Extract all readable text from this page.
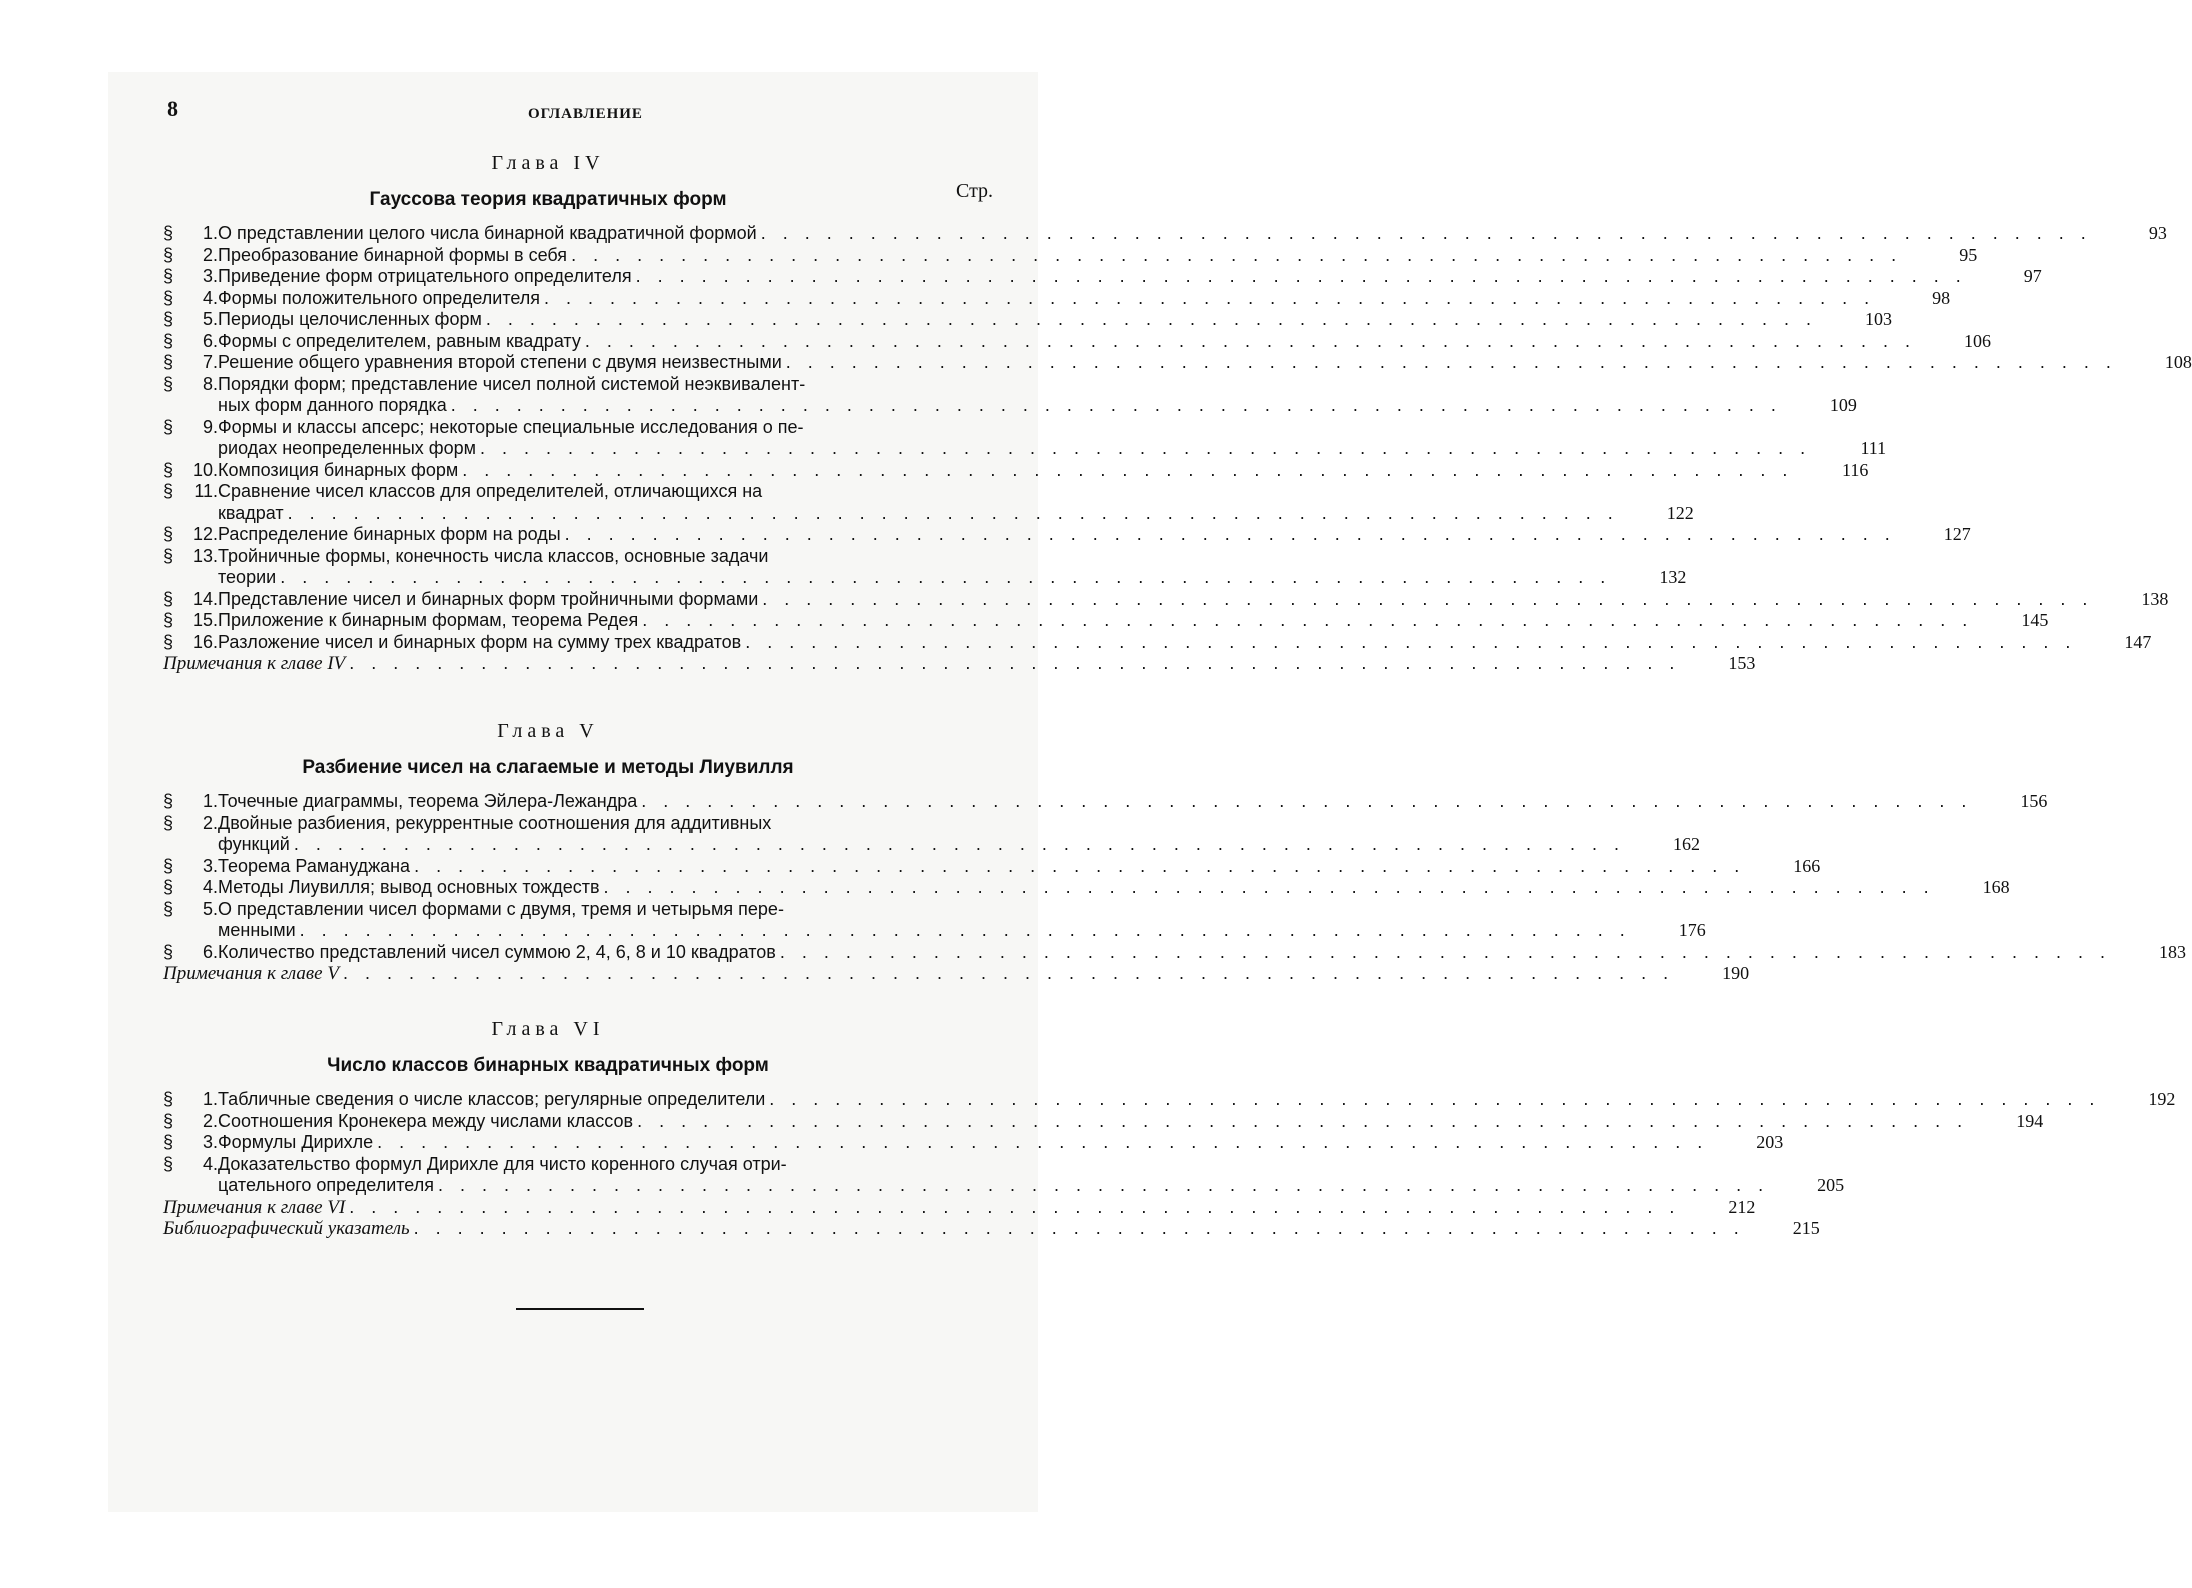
8	ОГЛАВЛЕНИЕ
Стр.
Глава IV
Гауссова теория квадратичных форм
§	1. О представлении целого числа бинарной квадратичной формой . . . . . . . . . . . . . . . . . . . . . . . . . . . . . . . . . . . . . . . . . . . . . . . . . . . . . . . . . . . . .	93
§	2. Преобразование бинарной формы в себя . . . . . . . . . . . . . . . . . . . . . . . . . . . . . . . . . . . . . . . . . . . . . . . . . . . . . . . . . . . . .	95
§	3. Приведение форм отрицательного определителя . . . . . . . . . . . . . . . . . . . . . . . . . . . . . . . . . . . . . . . . . . . . . . . . . . . . . . . . . . . . .	97
§	4. Формы положительного определителя . . . . . . . . . . . . . . . . . . . . . . . . . . . . . . . . . . . . . . . . . . . . . . . . . . . . . . . . . . . . .	98
§	5. Периоды целочисленных форм . . . . . . . . . . . . . . . . . . . . . . . . . . . . . . . . . . . . . . . . . . . . . . . . . . . . . . . . . . . . .	103
§	6. Формы с определителем, равным квадрату . . . . . . . . . . . . . . . . . . . . . . . . . . . . . . . . . . . . . . . . . . . . . . . . . . . . . . . . . . . . .	106
§	7. Решение общего уравнения второй степени с двумя неизвестными . . . . . . . . . . . . . . . . . . . . . . . . . . . . . . . . . . . . . . . . . . . . . . . . . . . . . . . . . . . . .	108
§	8. Порядки форм; представление чисел полной системой неэквивалент-
ных форм данного порядка . . . . . . . . . . . . . . . . . . . . . . . . . . . . . . . . . . . . . . . . . . . . . . . . . . . . . . . . . . . . .	109
§	9. Формы и классы апсерс; некоторые специальные исследования о пе-
риодах неопределенных форм . . . . . . . . . . . . . . . . . . . . . . . . . . . . . . . . . . . . . . . . . . . . . . . . . . . . . . . . . . . . .	111
§	10. Композиция бинарных форм . . . . . . . . . . . . . . . . . . . . . . . . . . . . . . . . . . . . . . . . . . . . . . . . . . . . . . . . . . . . .	116
§	11. Сравнение чисел классов для определителей, отличающихся на
квадрат . . . . . . . . . . . . . . . . . . . . . . . . . . . . . . . . . . . . . . . . . . . . . . . . . . . . . . . . . . . . .	122
§	12. Распределение бинарных форм на роды . . . . . . . . . . . . . . . . . . . . . . . . . . . . . . . . . . . . . . . . . . . . . . . . . . . . . . . . . . . . .	127
§	13. Тройничные формы, конечность числа классов, основные задачи
теории . . . . . . . . . . . . . . . . . . . . . . . . . . . . . . . . . . . . . . . . . . . . . . . . . . . . . . . . . . . . .	132
§	14. Представление чисел и бинарных форм тройничными формами . . . . . . . . . . . . . . . . . . . . . . . . . . . . . . . . . . . . . . . . . . . . . . . . . . . . . . . . . . . . .	138
§	15. Приложение к бинарным формам, теорема Редея . . . . . . . . . . . . . . . . . . . . . . . . . . . . . . . . . . . . . . . . . . . . . . . . . . . . . . . . . . . . .	145
§	16. Разложение чисел и бинарных форм на сумму трех квадратов . . . . . . . . . . . . . . . . . . . . . . . . . . . . . . . . . . . . . . . . . . . . . . . . . . . . . . . . . . . . .	147
Примечания к главе IV . . . . . . . . . . . . . . . . . . . . . . . . . . . . . . . . . . . . . . . . . . . . . . . . . . . . . . . . . . . . .	153
Глава V
Разбиение чисел на слагаемые и методы Лиувилля
§	1. Точечные диаграммы, теорема Эйлера-Лежандра . . . . . . . . . . . . . . . . . . . . . . . . . . . . . . . . . . . . . . . . . . . . . . . . . . . . . . . . . . . . .	156
§	2. Двойные разбиения, рекуррентные соотношения для аддитивных
функций . . . . . . . . . . . . . . . . . . . . . . . . . . . . . . . . . . . . . . . . . . . . . . . . . . . . . . . . . . . . .	162
§	3. Теорема Рамануджана . . . . . . . . . . . . . . . . . . . . . . . . . . . . . . . . . . . . . . . . . . . . . . . . . . . . . . . . . . . . .	166
§	4. Методы Лиувилля; вывод основных тождеств . . . . . . . . . . . . . . . . . . . . . . . . . . . . . . . . . . . . . . . . . . . . . . . . . . . . . . . . . . . . .	168
§	5. О представлении чисел формами с двумя, тремя и четырьмя пере-
менными . . . . . . . . . . . . . . . . . . . . . . . . . . . . . . . . . . . . . . . . . . . . . . . . . . . . . . . . . . . . .	176
§	6. Количество представлений чисел суммою 2, 4, 6, 8 и 10 квадратов . . . . . . . . . . . . . . . . . . . . . . . . . . . . . . . . . . . . . . . . . . . . . . . . . . . . . . . . . . . . .	183
Примечания к главе V . . . . . . . . . . . . . . . . . . . . . . . . . . . . . . . . . . . . . . . . . . . . . . . . . . . . . . . . . . . . .	190
Глава VI
Число классов бинарных квадратичных форм
§	1. Табличные сведения о числе классов; регулярные определители . . . . . . . . . . . . . . . . . . . . . . . . . . . . . . . . . . . . . . . . . . . . . . . . . . . . . . . . . . . . .	192
§	2. Соотношения Кронекера между числами классов . . . . . . . . . . . . . . . . . . . . . . . . . . . . . . . . . . . . . . . . . . . . . . . . . . . . . . . . . . . . .	194
§	3. Формулы Дирихле . . . . . . . . . . . . . . . . . . . . . . . . . . . . . . . . . . . . . . . . . . . . . . . . . . . . . . . . . . . . .	203
§	4. Доказательство формул Дирихле для чисто коренного случая отри-
цательного определителя . . . . . . . . . . . . . . . . . . . . . . . . . . . . . . . . . . . . . . . . . . . . . . . . . . . . . . . . . . . . .	205
Примечания к главе VI . . . . . . . . . . . . . . . . . . . . . . . . . . . . . . . . . . . . . . . . . . . . . . . . . . . . . . . . . . . . .	212
Библиографический указатель . . . . . . . . . . . . . . . . . . . . . . . . . . . . . . . . . . . . . . . . . . . . . . . . . . . . . . . . . . . . .	215
